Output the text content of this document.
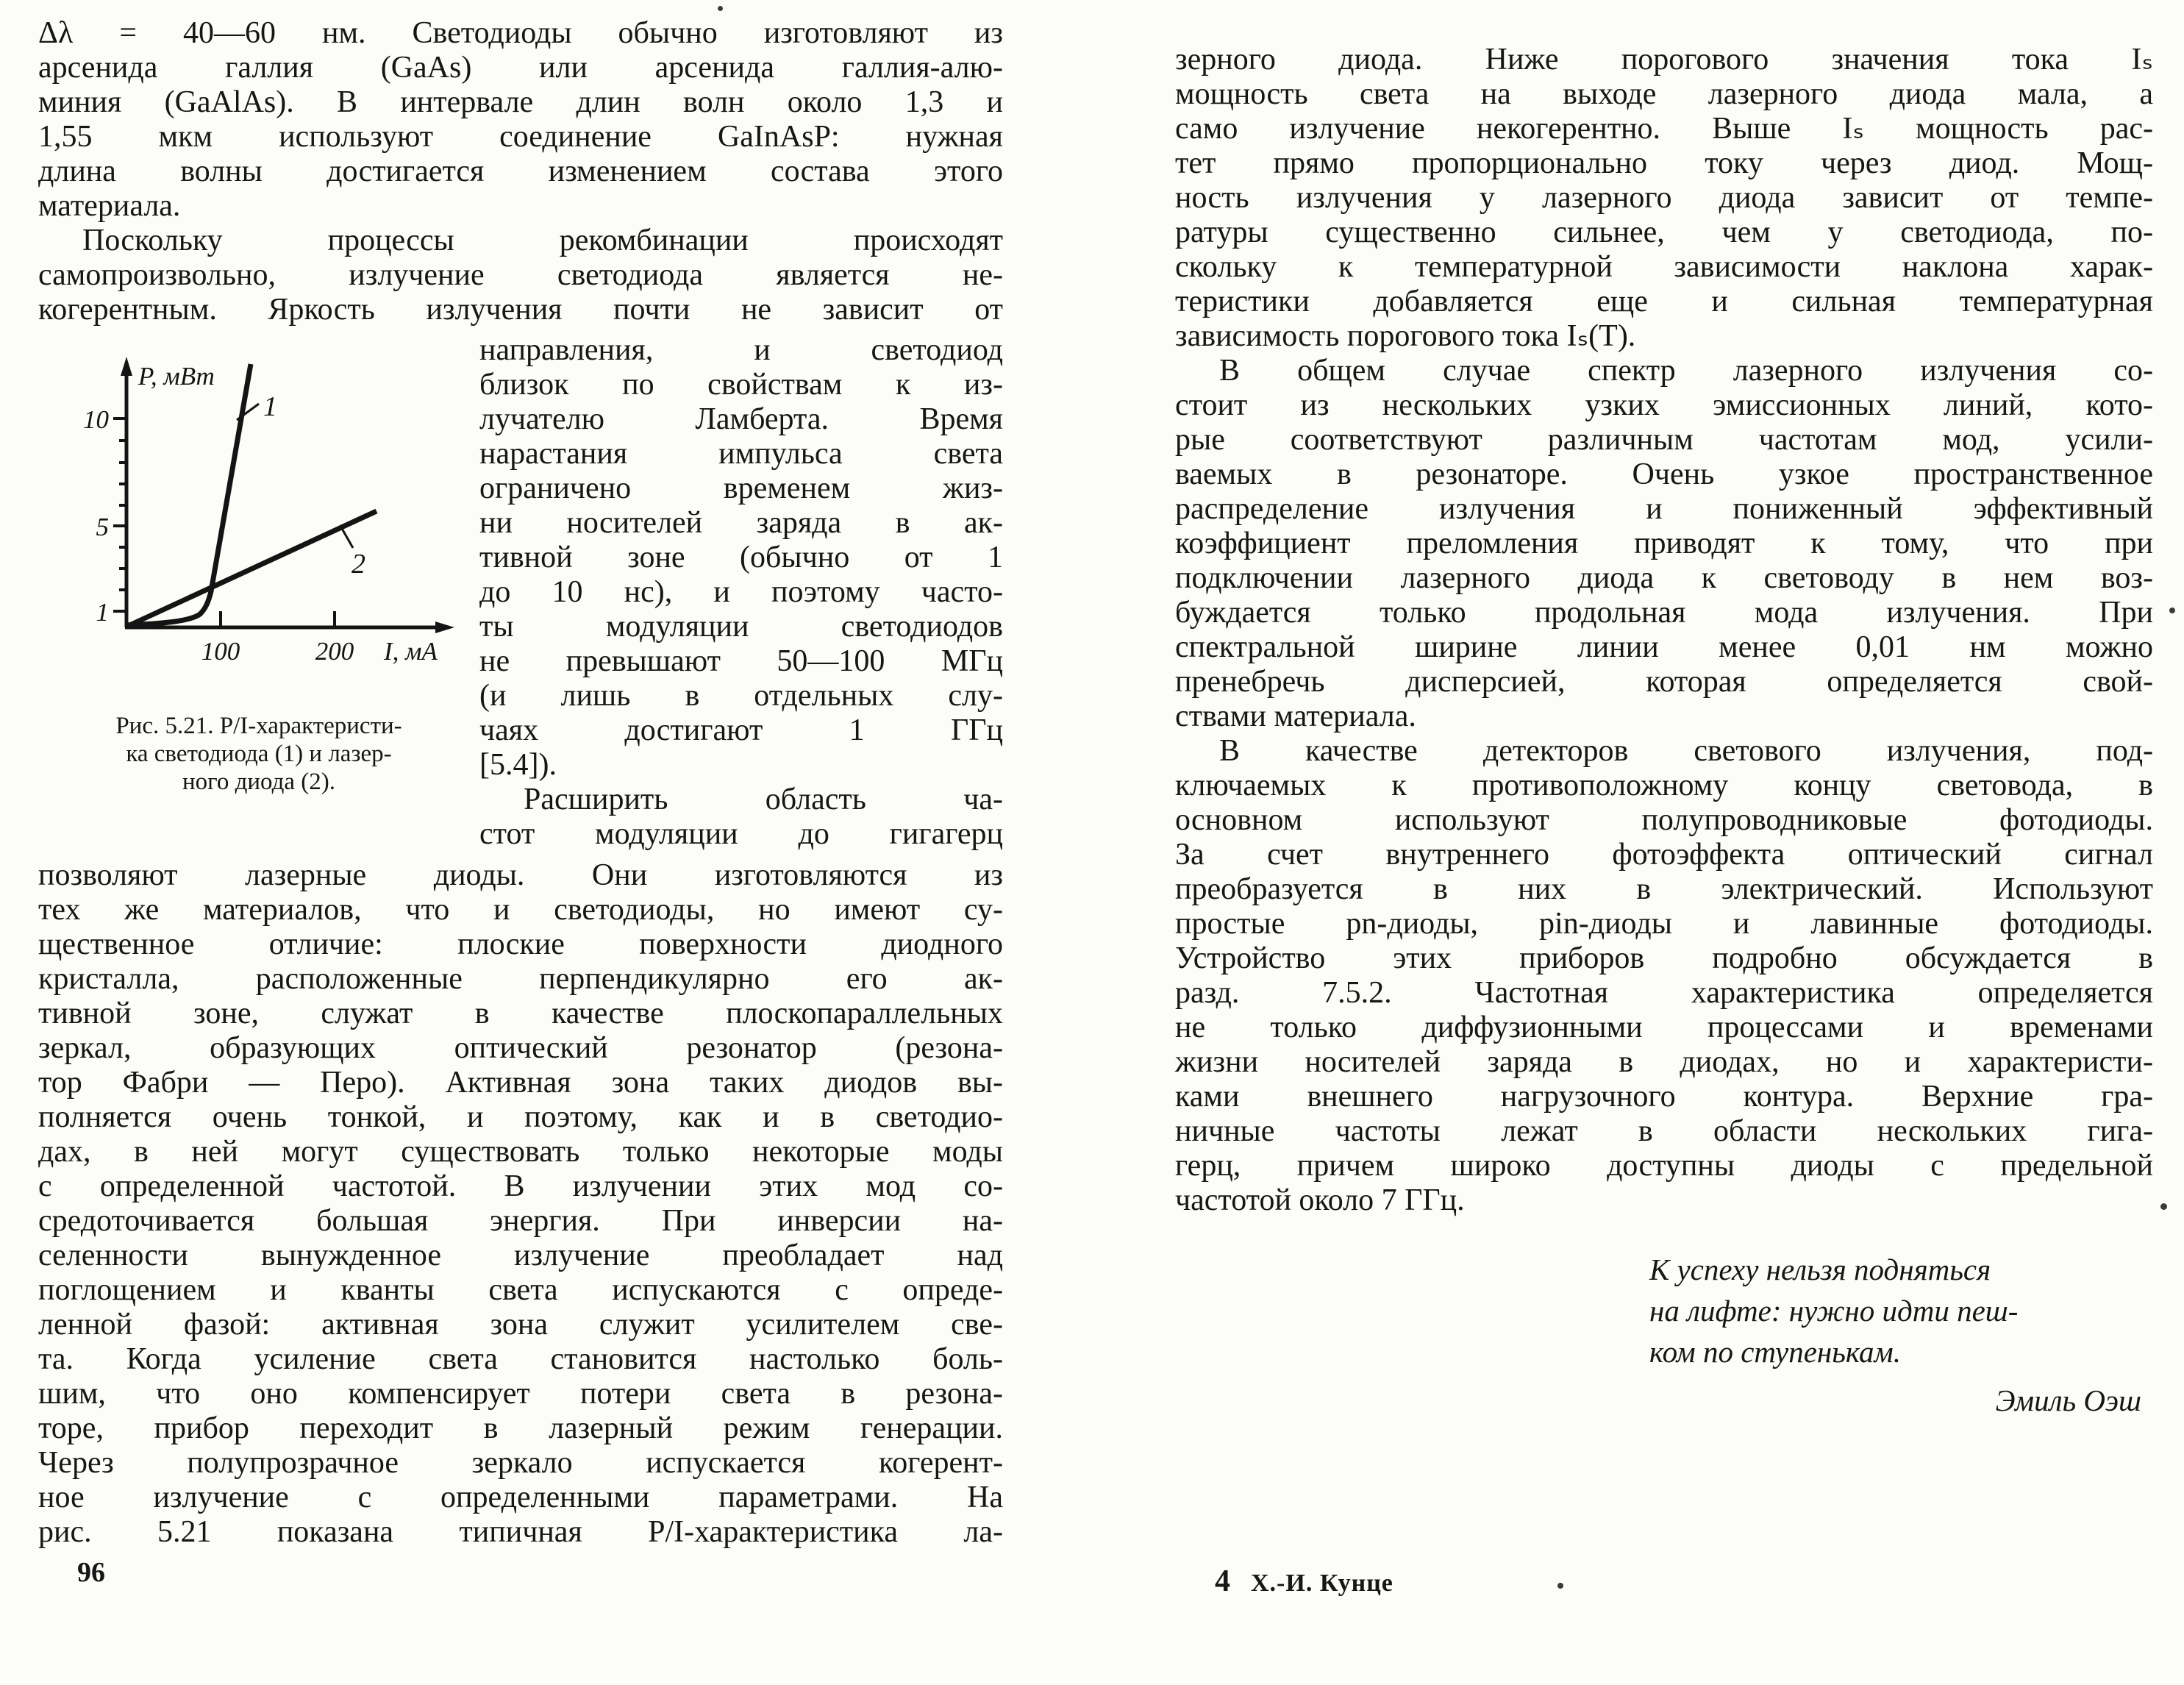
Δλ = 40—60 нм. Светодиоды обычно изготовляют из
арсенида галлия (GaAs) или арсенида галлия-алю-
миния (GaAlAs). В интервале длин волн около 1,3 и
1,55 мкм используют соединение GaInAsP: нужная
длина волны достигается изменением состава этого
материала.
Поскольку процессы рекомбинации происходят
самопроизвольно, излучение светодиода является не-
когерентным. Яркость излучения почти не зависит от
P, мВт
I, мА
10
5
1
100	200
1
2
Рис. 5.21. P/I-характеристи-
ка светодиода (1) и лазер-
ного диода (2).
направления, и светодиод
близок по свойствам к из-
лучателю Ламберта. Время
нарастания импульса света
ограничено временем жиз-
ни носителей заряда в ак-
тивной зоне (обычно от 1
до 10 нс), и поэтому часто-
ты модуляции светодиодов
не превышают 50—100 МГц
(и лишь в отдельных слу-
чаях достигают 1 ГГц
[5.4]).
Расширить область ча-
стот модуляции до гигагерц
позволяют лазерные диоды. Они изготовляются из
тех же материалов, что и светодиоды, но имеют су-
щественное отличие: плоские поверхности диодного
кристалла, расположенные перпендикулярно его ак-
тивной зоне, служат в качестве плоскопараллельных
зеркал, образующих оптический резонатор (резона-
тор Фабри — Перо). Активная зона таких диодов вы-
полняется очень тонкой, и поэтому, как и в светодио-
дах, в ней могут существовать только некоторые моды
с определенной частотой. В излучении этих мод со-
средоточивается большая энергия. При инверсии на-
селенности вынужденное излучение преобладает над
поглощением и кванты света испускаются с опреде-
ленной фазой: активная зона служит усилителем све-
та. Когда усиление света становится настолько боль-
шим, что оно компенсирует потери света в резона-
торе, прибор переходит в лазерный режим генерации.
Через полупрозрачное зеркало испускается когерент-
ное излучение с определенными параметрами. На
рис. 5.21 показана типичная P/I-характеристика ла-
зерного диода. Ниже порогового значения тока Iₛ
мощность света на выходе лазерного диода мала, а
само излучение некогерентно. Выше Iₛ мощность рас-
тет прямо пропорционально току через диод. Мощ-
ность излучения у лазерного диода зависит от темпе-
ратуры существенно сильнее, чем у светодиода, по-
скольку к температурной зависимости наклона харак-
теристики добавляется еще и сильная температурная
зависимость порогового тока Iₛ(T).
В общем случае спектр лазерного излучения со-
стоит из нескольких узких эмиссионных линий, кото-
рые соответствуют различным частотам мод, усили-
ваемых в резонаторе. Очень узкое пространственное
распределение излучения и пониженный эффективный
коэффициент преломления приводят к тому, что при
подключении лазерного диода к световоду в нем воз-
буждается только продольная мода излучения. При
спектральной ширине линии менее 0,01 нм можно
пренебречь дисперсией, которая определяется свой-
ствами материала.
В качестве детекторов светового излучения, под-
ключаемых к противоположному концу световода, в
основном используют полупроводниковые фотодиоды.
За счет внутреннего фотоэффекта оптический сигнал
преобразуется в них в электрический. Используют
простые pn-диоды, pin-диоды и лавинные фотодиоды.
Устройство этих приборов подробно обсуждается в
разд. 7.5.2. Частотная характеристика определяется
не только диффузионными процессами и временами
жизни носителей заряда в диодах, но и характеристи-
ками внешнего нагрузочного контура. Верхние гра-
ничные частоты лежат в области нескольких гига-
герц, причем широко доступны диоды с предельной
частотой около 7 ГГц.
К успеху нельзя подняться
на лифте: нужно идти пеш-
ком по ступенькам.
Эмиль Оэш
96	4 Х.-И. Кунце
